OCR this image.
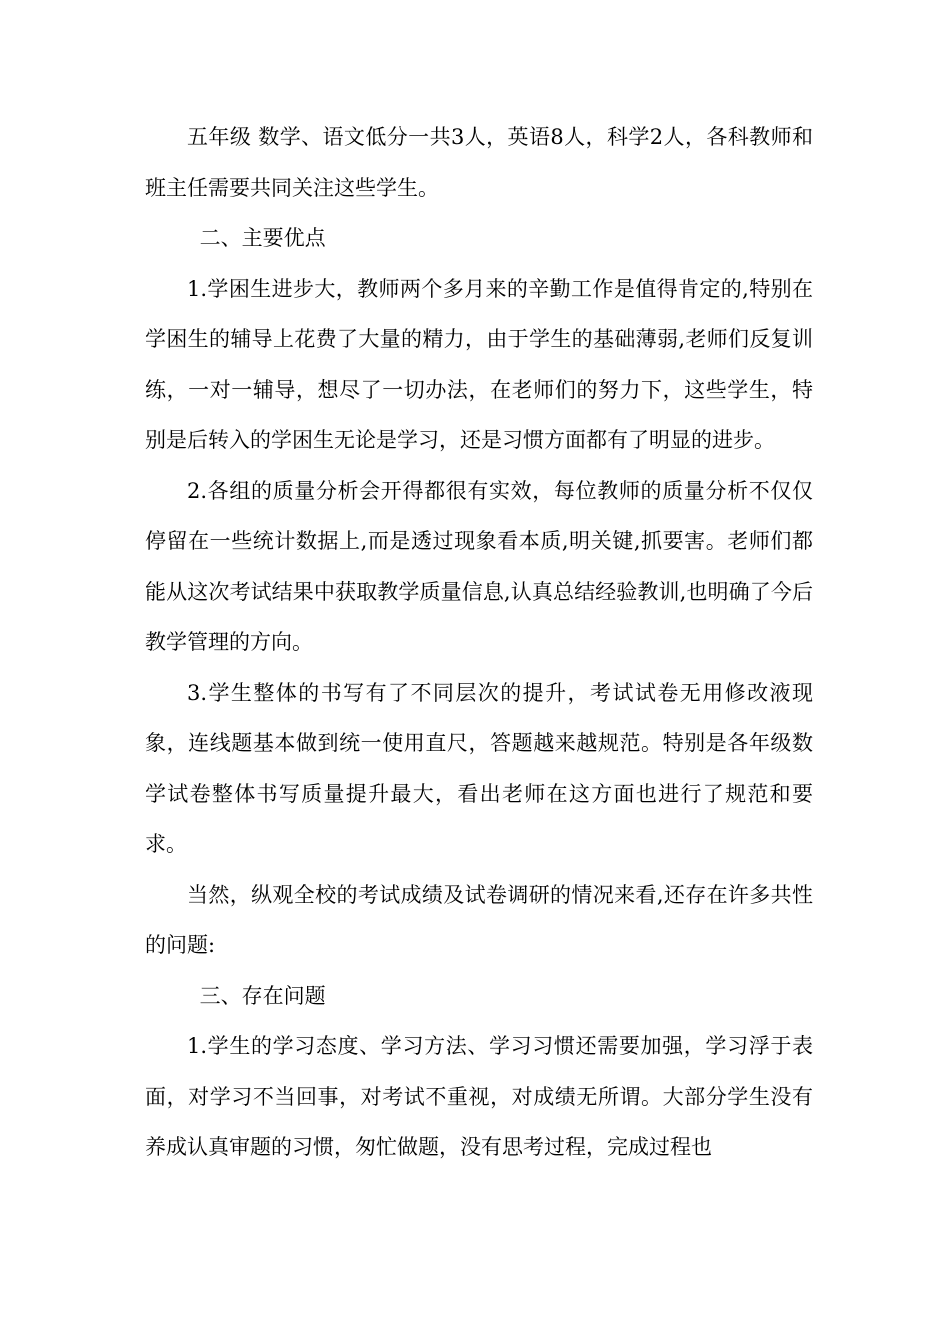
五年级 数学、语文低分一共3人，英语8人，科学2人，各科教师和班主任需要共同关注这些学生。

二、主要优点

1.学困生进步大，教师两个多月来的辛勤工作是值得肯定的,特别在学困生的辅导上花费了大量的精力，由于学生的基础薄弱,老师们反复训练，一对一辅导，想尽了一切办法，在老师们的努力下，这些学生，特别是后转入的学困生无论是学习，还是习惯方面都有了明显的进步。

2.各组的质量分析会开得都很有实效，每位教师的质量分析不仅仅停留在一些统计数据上,而是透过现象看本质,明关键,抓要害。老师们都能从这次考试结果中获取教学质量信息,认真总结经验教训,也明确了今后教学管理的方向。

3.学生整体的书写有了不同层次的提升，考试试卷无用修改液现象，连线题基本做到统一使用直尺，答题越来越规范。特别是各年级数学试卷整体书写质量提升最大，看出老师在这方面也进行了规范和要求。

当然，纵观全校的考试成绩及试卷调研的情况来看,还存在许多共性的问题:

三、存在问题

1.学生的学习态度、学习方法、学习习惯还需要加强，学习浮于表面，对学习不当回事，对考试不重视，对成绩无所谓。大部分学生没有养成认真审题的习惯，匆忙做题，没有思考过程，完成过程也
